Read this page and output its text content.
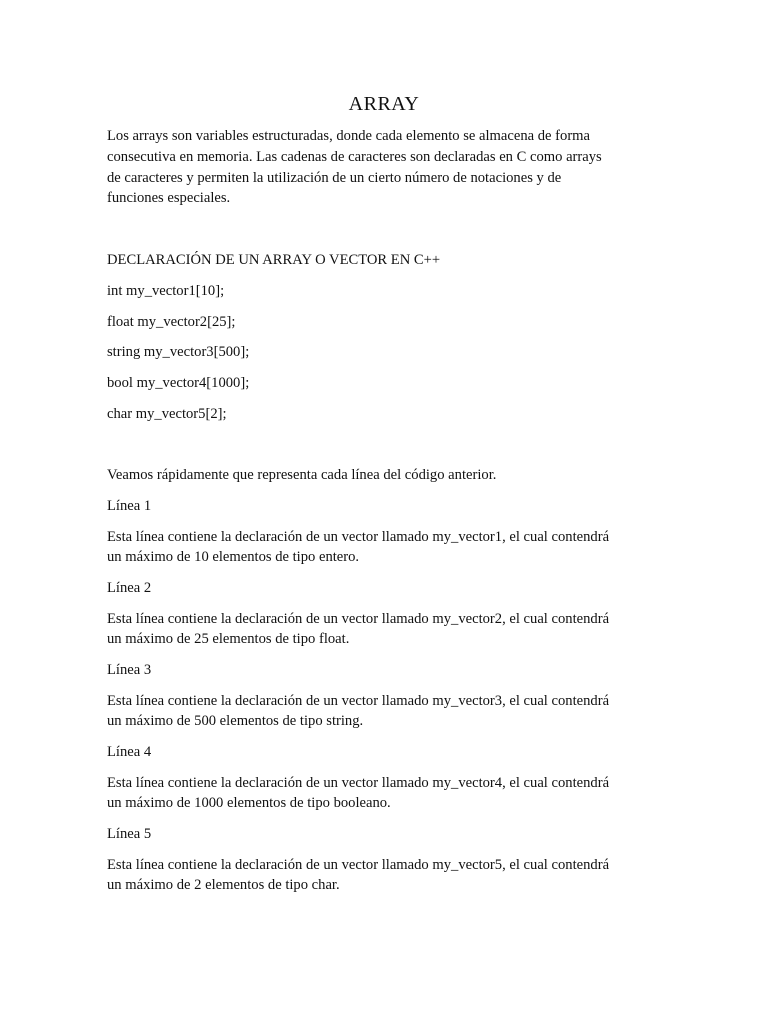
ARRAY

Los arrays son variables estructuradas, donde cada elemento se almacena de forma

consecutiva en memoria. Las cadenas de caracteres son declaradas en C como arrays

de caracteres y permiten la utilización de un cierto número de notaciones y de

funciones especiales.

DECLARACIÓN DE UN ARRAY O VECTOR EN C++

int my_vector1[10];

float my_vector2[25];

string my_vector3[500];

bool my_vector4[1000];

char my_vector5[2];

Veamos rápidamente que representa cada línea del código anterior.

Línea 1

Esta línea contiene la declaración de un vector llamado my_vector1, el cual contendrá

un máximo de 10 elementos de tipo entero.

Línea 2

Esta línea contiene la declaración de un vector llamado my_vector2, el cual contendrá

un máximo de 25 elementos de tipo float.

Línea 3

Esta línea contiene la declaración de un vector llamado my_vector3, el cual contendrá

un máximo de 500 elementos de tipo string.

Línea 4

Esta línea contiene la declaración de un vector llamado my_vector4, el cual contendrá

un máximo de 1000 elementos de tipo booleano.

Línea 5

Esta línea contiene la declaración de un vector llamado my_vector5, el cual contendrá

un máximo de 2 elementos de tipo char.
